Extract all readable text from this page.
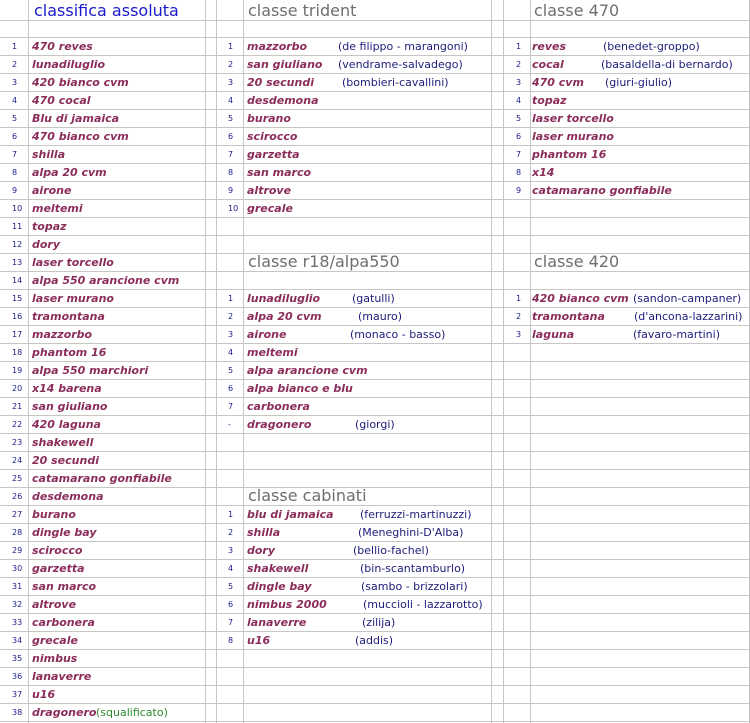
classifica assoluta	classe trident	classe 470
classe r18/alpa550	classe 420
classe cabinati
1 470 reves
2 lunadiluglio
3 420 bianco cvm
4 470 cocal
5 Blu di jamaica
6 470 bianco cvm
7 shilla
8 alpa 20 cvm
9 airone
10 meltemi
11 topaz
12 dory
13 laser torcello
14 alpa 550 arancione cvm
15 laser murano
16 tramontana
17 mazzorbo
18 phantom 16
19 alpa 550 marchiori
20 x14 barena
21 san giuliano
22 420 laguna
23 shakewell
24 20 secundi
25 catamarano gonfiabile
26 desdemona
27 burano
28 dingle bay
29 scirocco
30 garzetta
31 san marco
32 altrove
33 carbonera
34 grecale
35 nimbus
36 lanaverre
37 u16
38 dragonero (squalificato)
1 mazzorbo	(de filippo - marangoni)
2 san giuliano (vendrame-salvadego)
3 20 secundi	(bombieri-cavallini)
4 desdemona
5 burano
6 scirocco
7 garzetta
8 san marco
9 altrove
10 grecale
1 lunadiluglio	(gatulli)
2 alpa 20 cvm	(mauro)
3 airone	(monaco - basso)
4 meltemi
5 alpa arancione cvm
6 alpa bianco e blu
7 carbonera
- dragonero	(giorgi)
1 blu di jamaica (ferruzzi-martinuzzi)
2 shilla	(Meneghini-D'Alba)
3 dory	(bellio-fachel)
4 shakewell	(bin-scantamburlo)
5 dingle bay	(sambo - brizzolari)
6 nimbus 2000	(muccioli - lazzarotto)
7 lanaverre	(zilija)
8 u16	(addis)
1 reves	(benedet-groppo)
2 cocal	(basaldella-di bernardo)
3 470 cvm (giuri-giulio)
4 topaz
5 laser torcello
6 laser murano
7 phantom 16
8 x14
9 catamarano gonfiabile
1 420 bianco cvm (sandon-campaner)
2 tramontana	(d'ancona-lazzarini)
3 laguna	(favaro-martini)
